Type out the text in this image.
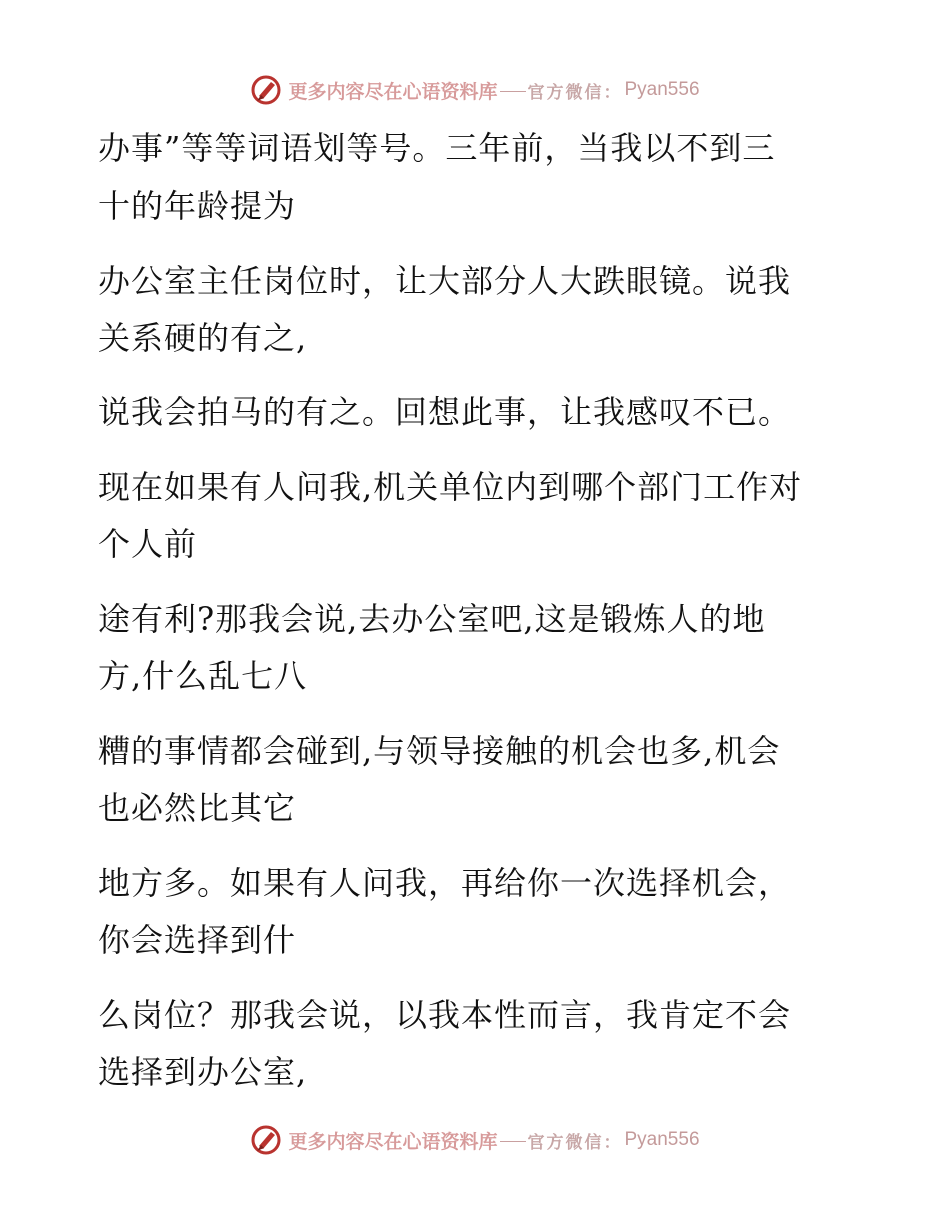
更多内容尽在心语资料库 官方微信： Pyan556
办事”等等词语划等号。三年前，当我以不到三
十的年龄提为
办公室主任岗位时，让大部分人大跌眼镜。说我
关系硬的有之,
说我会拍马的有之。回想此事，让我感叹不已。
现在如果有人问我,机关单位内到哪个部门工作对
个人前
途有利?那我会说,去办公室吧,这是锻炼人的地
方,什么乱七八
糟的事情都会碰到,与领导接触的机会也多,机会
也必然比其它
地方多。如果有人问我，再给你一次选择机会，
你会选择到什
么岗位？那我会说，以我本性而言，我肯定不会
选择到办公室,
更多内容尽在心语资料库 官方微信： Pyan556
